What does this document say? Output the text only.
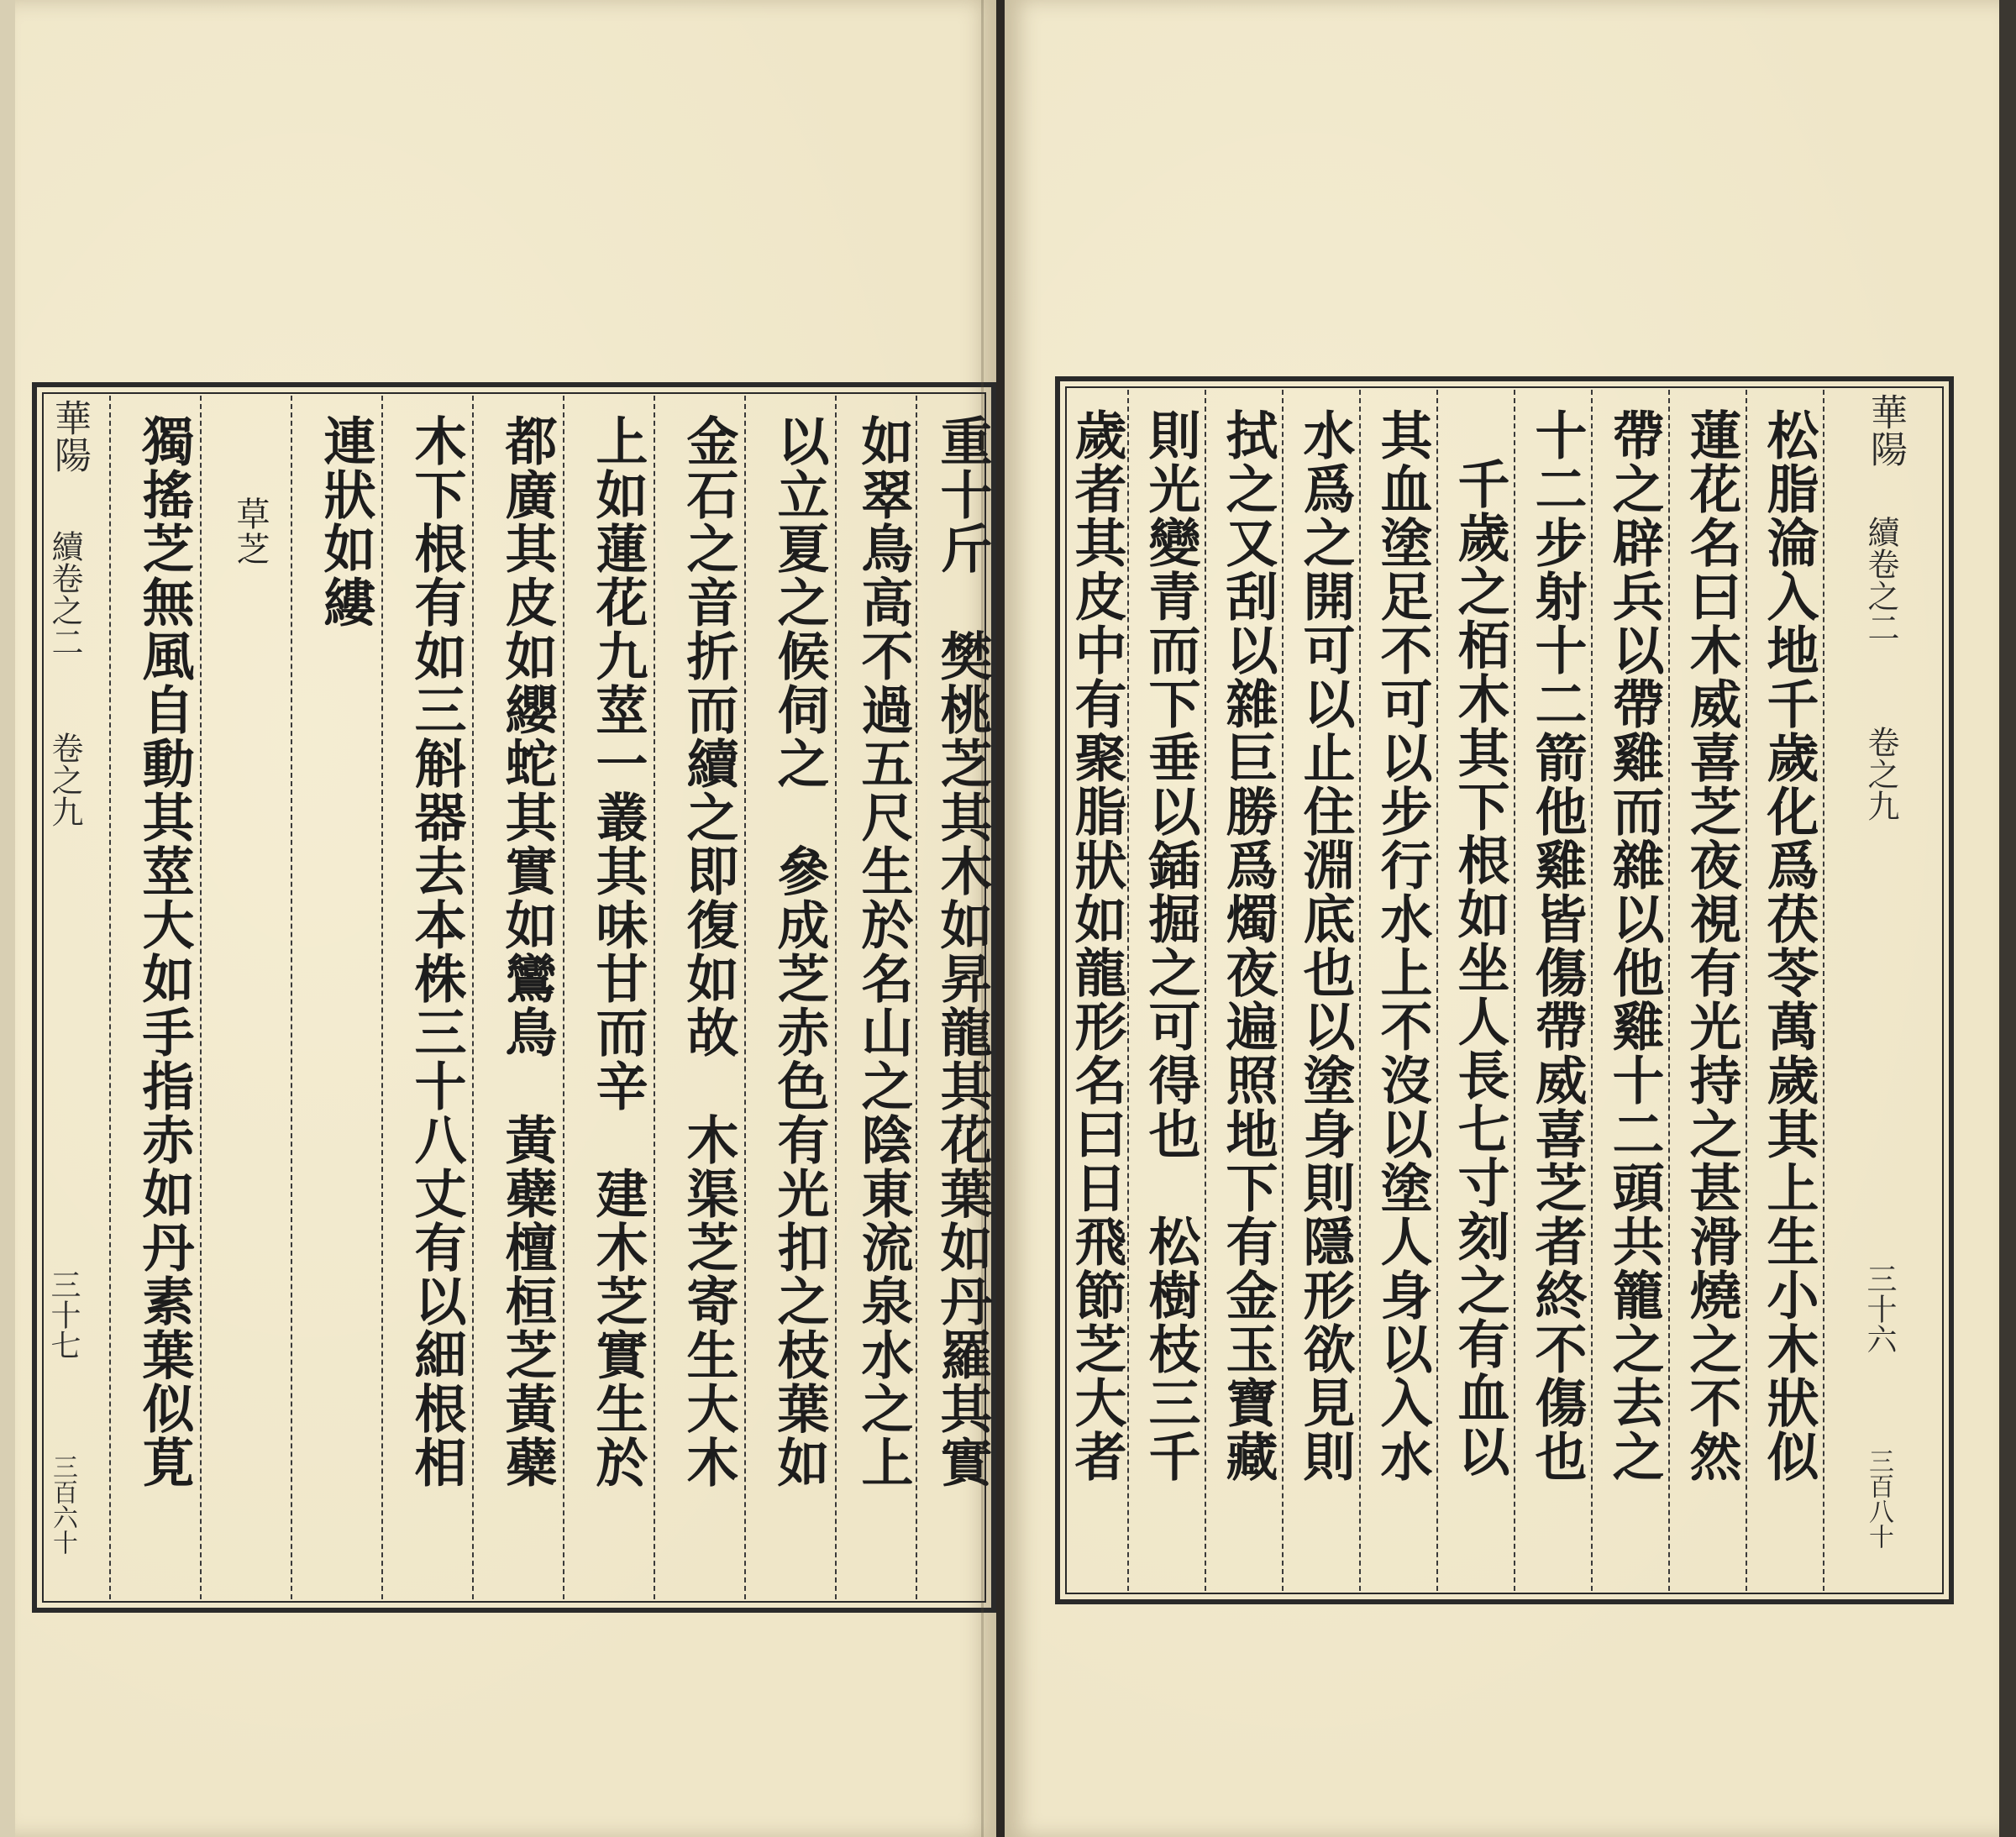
華陽
續卷之二
卷之九
三十七
三百六十
獨搖芝無風自動其莖大如手指赤如丹素葉似莧 草芝 連狀如縷 木下根有如三斛器去本株三十八丈有以細根相 都廣其皮如纓蛇其實如鸞鳥　黃蘗檀桓芝黃蘗 上如蓮花九莖一叢其味甘而辛　建木芝實生於 金石之音折而續之即復如故　木渠芝寄生大木 以立夏之候伺之　參成芝赤色有光扣之枝葉如 如翠鳥高不過五尺生於名山之陰東流泉水之上 重十斤　樊桃芝其木如昇龍其花葉如丹羅其實 歲者其皮中有聚脂狀如龍形名曰日飛節芝大者 則光變青而下垂以鍤掘之可得也　松樹枝三千 拭之又刮以雜巨勝爲燭夜遍照地下有金玉寶藏 水爲之開可以止住淵底也以塗身則隱形欲見則 其血塗足不可以步行水上不沒以塗人身以入水 千歲之栢木其下根如坐人長七寸刻之有血以 十二步射十二箭他雞皆傷帶威喜芝者終不傷也 帶之辟兵以帶雞而雜以他雞十二頭共籠之去之 蓮花名曰木威喜芝夜視有光持之甚滑燒之不然 松脂淪入地千歲化爲茯苓萬歲其上生小木狀似 華陽
續卷之二
卷之九
三十六
三百八十
